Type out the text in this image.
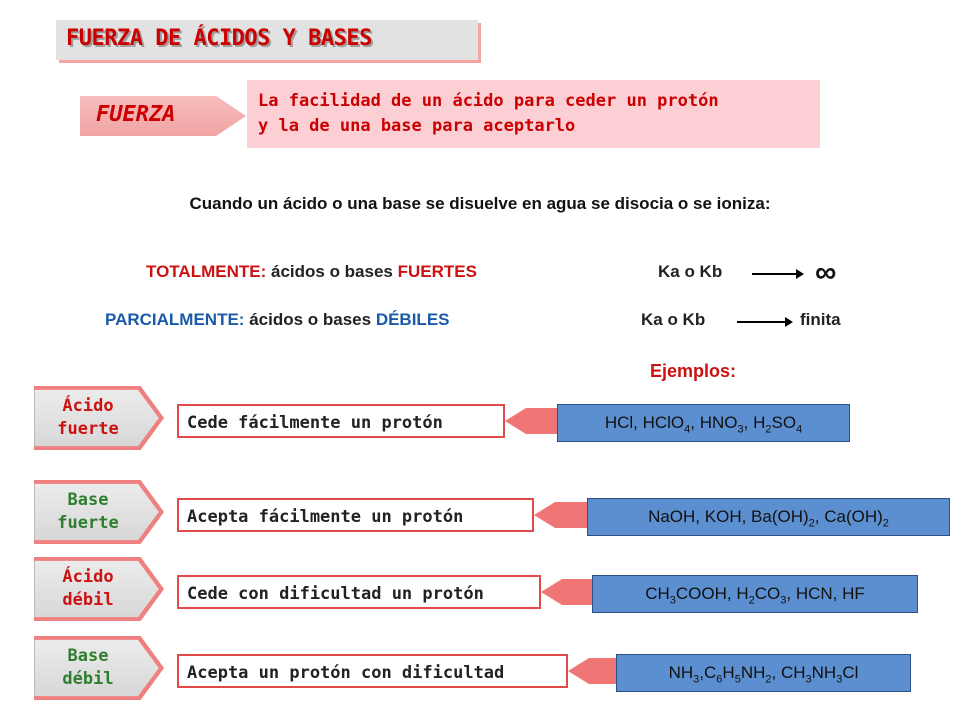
FUERZA DE ÁCIDOS Y BASES
FUERZA
La facilidad de un ácido para ceder un protón
y la de una base para aceptarlo
Cuando un ácido o una base se disuelve en agua se disocia o se ioniza:
TOTALMENTE: ácidos o bases FUERTES	Ka o Kb	∞
PARCIALMENTE: ácidos o bases DÉBILES	Ka o Kb	finita
Ejemplos:
Ácido
fuerte	Cede fácilmente un protón	HCl, HClO$_4$, $HNO_3$, $H_2SO_4$
Base
fuerte	Acepta fácilmente un protón	NaOH, KOH, $Ba(OH)_2$, $Ca(OH)_2$
Ácido
débil	Cede con dificultad un protón	$CH_3COOH$, $H_2CO_3$, HCN, HF
Base
débil	Acepta un protón con dificultad	$NH_3,C_6H_5NH_2$, $CH_3NH_3Cl$
